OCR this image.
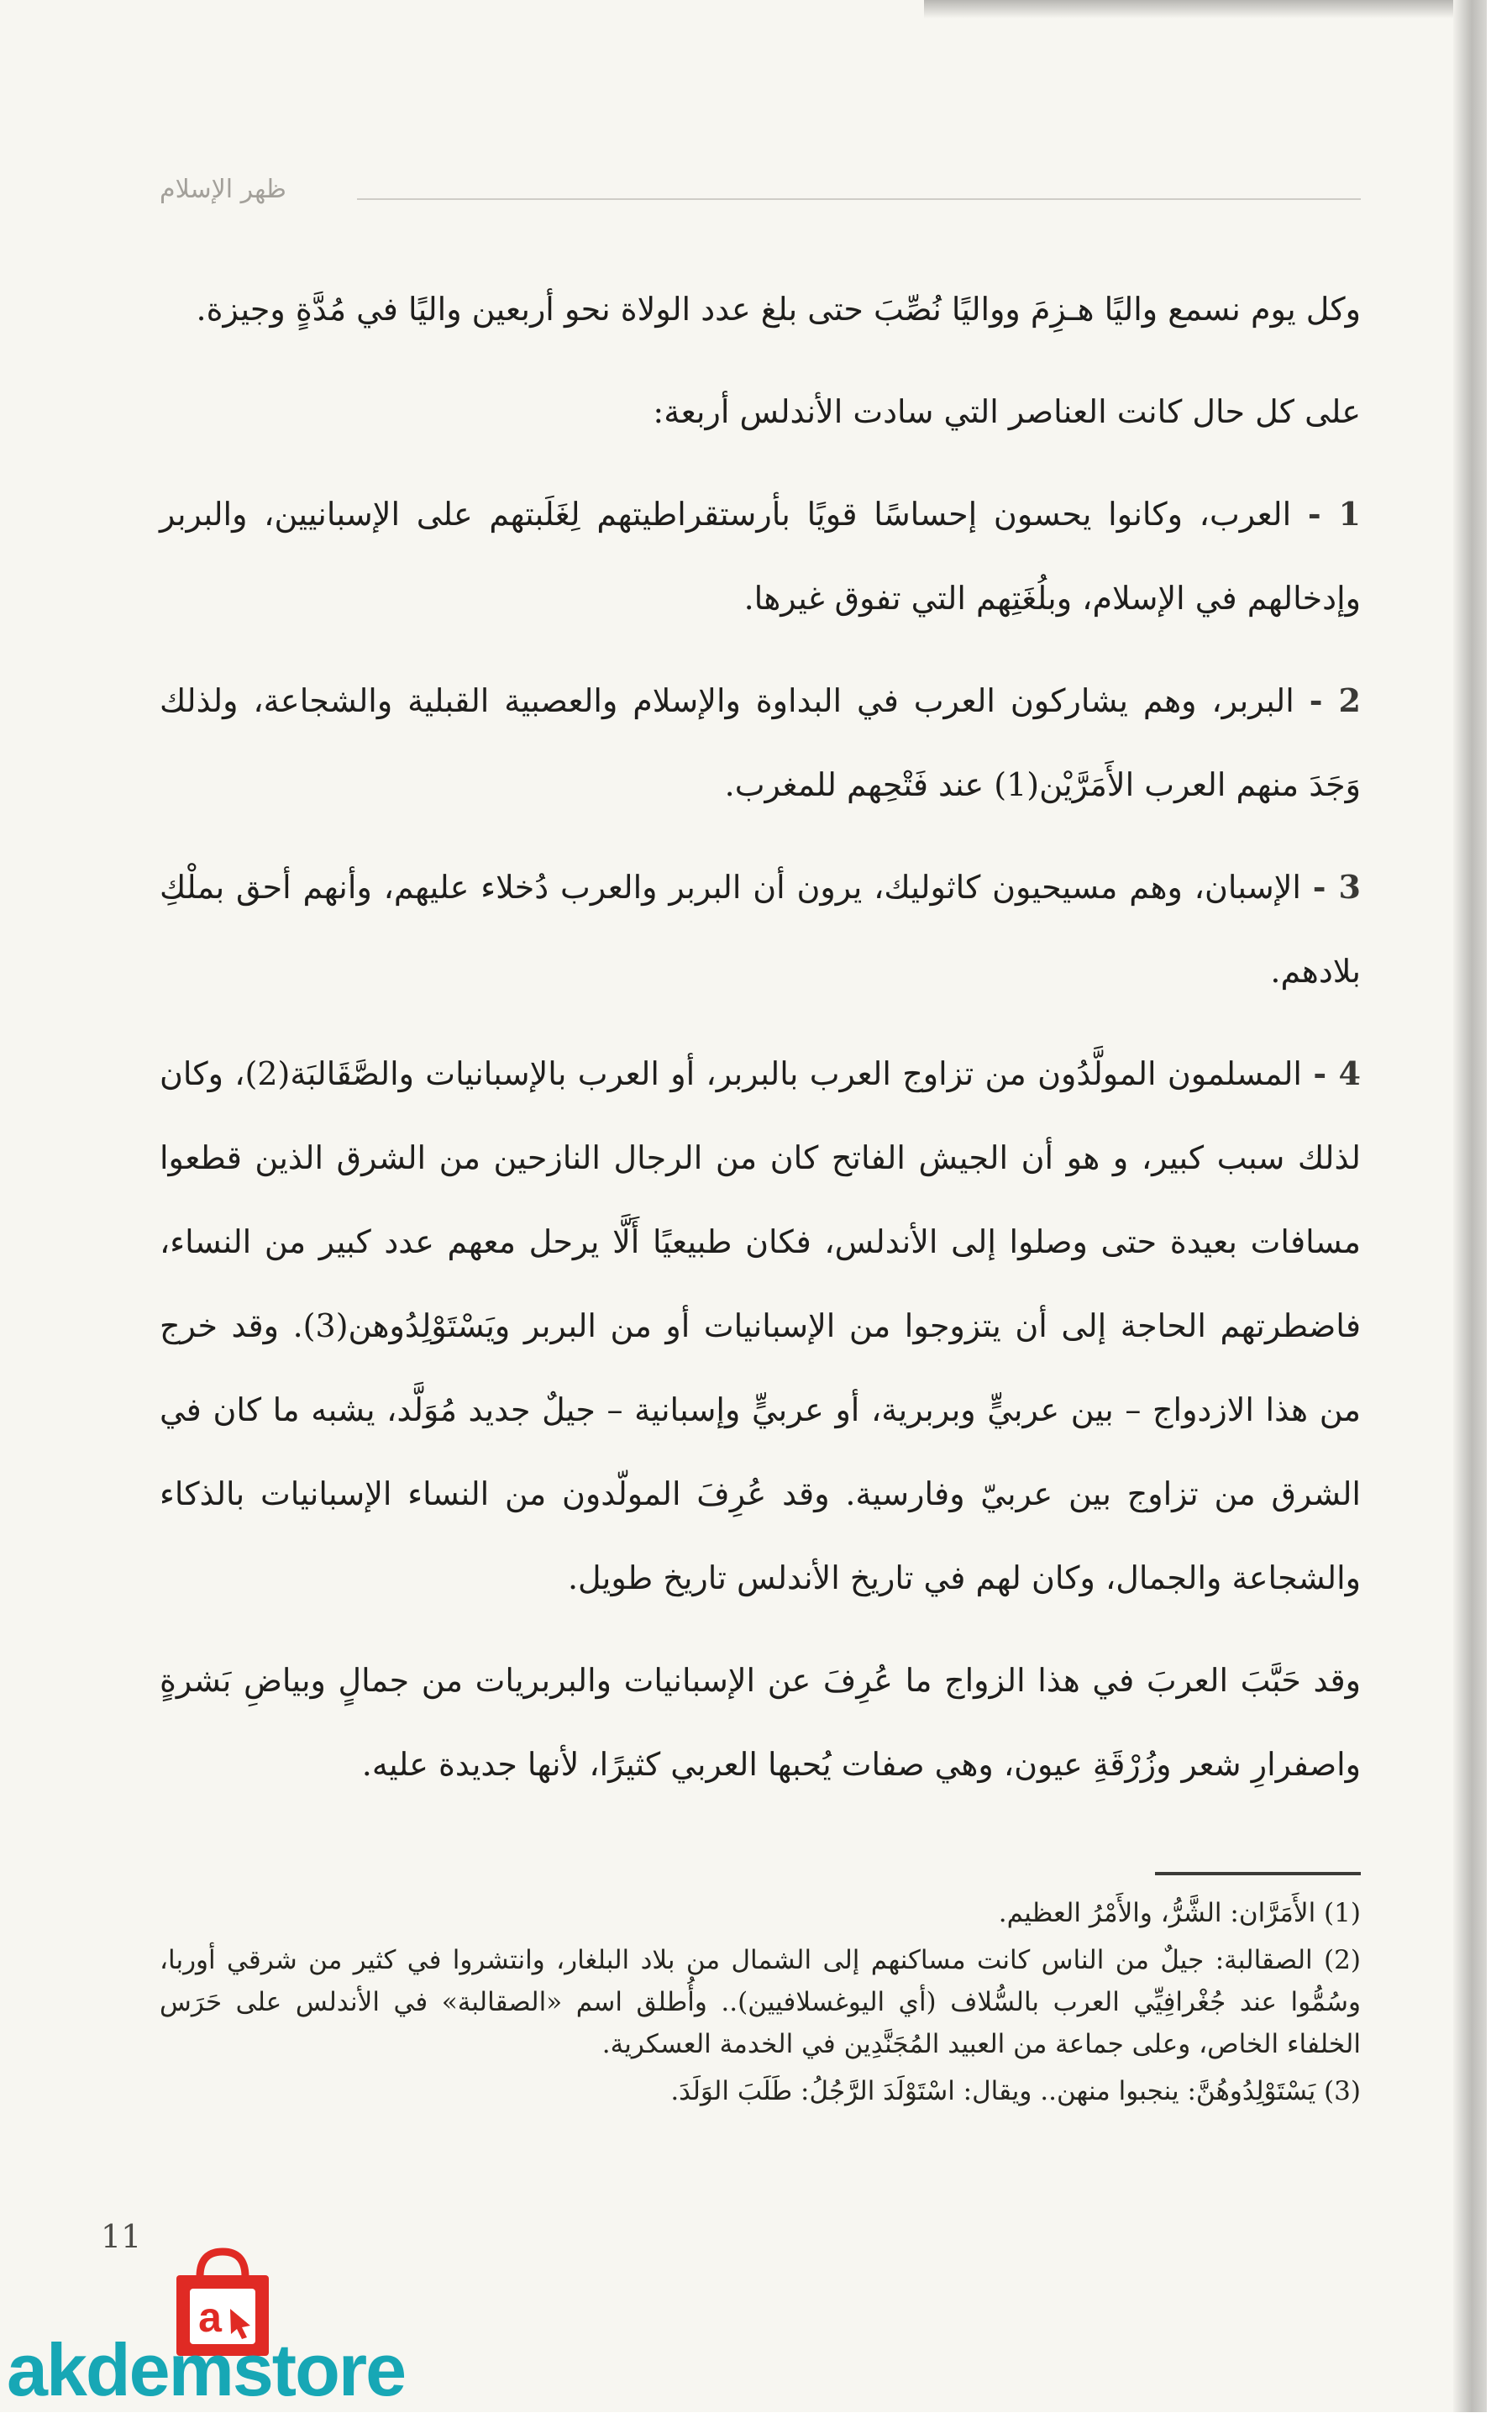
ظهر الإسلام

وكل يوم نسمع واليًا هـزِمَ وواليًا نُصِّبَ حتى بلغ عدد الولاة نحو أربعين واليًا في مُدَّةٍ وجيزة.

على كل حال كانت العناصر التي سادت الأندلس أربعة:

1 - العرب، وكانوا يحسون إحساسًا قويًا بأرستقراطيتهم لِغَلَبتهم على الإسبانيين، والبربر وإدخالهم في الإسلام، وبلُغَتِهم التي تفوق غيرها.

2 - البربر، وهم يشاركون العرب في البداوة والإسلام والعصبية القبلية والشجاعة، ولذلك وَجَدَ منهم العرب الأَمَرَّيْن(1) عند فَتْحِهم للمغرب.

3 - الإسبان، وهم مسيحيون كاثوليك، يرون أن البربر والعرب دُخلاء عليهم، وأنهم أحق بملْكِ بلادهم.

4 - المسلمون المولَّدُون من تزاوج العرب بالبربر، أو العرب بالإسبانيات والصَّقَالبَة(2)، وكان لذلك سبب كبير، و هو أن الجيش الفاتح كان من الرجال النازحين من الشرق الذين قطعوا مسافات بعيدة حتى وصلوا إلى الأندلس، فكان طبيعيًا أَلَّا يرحل معهم عدد كبير من النساء، فاضطرتهم الحاجة إلى أن يتزوجوا من الإسبانيات أو من البربر ويَسْتَوْلِدُوهن(3). وقد خرج من هذا الازدواج – بين عربيٍّ وبربرية، أو عربيٍّ وإسبانية – جيلٌ جديد مُوَلَّد، يشبه ما كان في الشرق من تزاوج بين عربيّ وفارسية. وقد عُرِفَ المولّدون من النساء الإسبانيات بالذكاء والشجاعة والجمال، وكان لهم في تاريخ الأندلس تاريخ طويل.

وقد حَبَّبَ العربَ في هذا الزواج ما عُرِفَ عن الإسبانيات والبربريات من جمالٍ وبياضِ بَشرةٍ واصفرارِ شعر وزُرْقَةِ عيون، وهي صفات يُحبها العربي كثيرًا، لأنها جديدة عليه.

(1) الأَمَرَّان: الشَّرُّ، والأَمْرُ العظيم.

(2) الصقالبة: جيلٌ من الناس كانت مساكنهم إلى الشمال من بلاد البلغار، وانتشروا في كثير من شرقي أوربا، وسُمُّوا عند جُغْرافِيِّي العرب بالسُّلاف (أي اليوغسلافيين).. وأُطلق اسم «الصقالبة» في الأندلس على حَرَس الخلفاء الخاص، وعلى جماعة من العبيد المُجَنَّدِين في الخدمة العسكرية.

(3) يَسْتَوْلِدُوهُنَّ: ينجبوا منهن.. ويقال: اسْتَوْلَدَ الرَّجُلُ: طَلَبَ الوَلَدَ.

11
a
akdemstore
